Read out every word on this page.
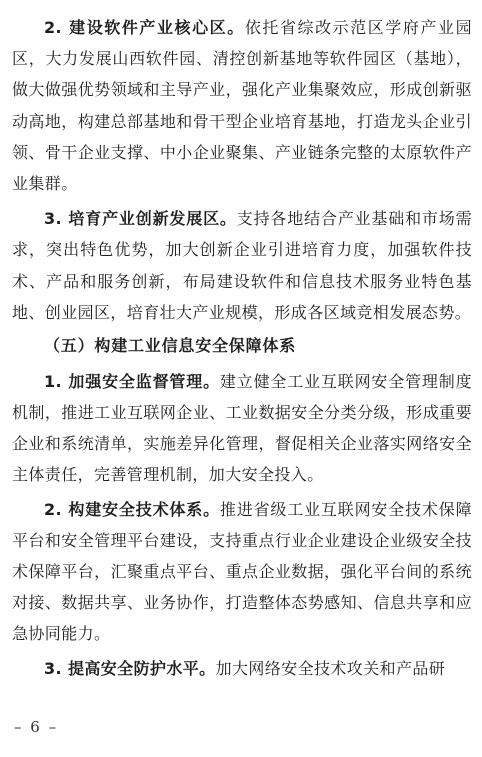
2. 建设软件产业核心区。依托省综改示范区学府产业园区，大力发展山西软件园、清控创新基地等软件园区（基地），做大做强优势领域和主导产业，强化产业集聚效应，形成创新驱动高地，构建总部基地和骨干型企业培育基地，打造龙头企业引领、骨干企业支撑、中小企业聚集、产业链条完整的太原软件产业集群。

3. 培育产业创新发展区。支持各地结合产业基础和市场需求，突出特色优势，加大创新企业引进培育力度，加强软件技术、产品和服务创新，布局建设软件和信息技术服务业特色基地、创业园区，培育壮大产业规模，形成各区域竞相发展态势。

（五）构建工业信息安全保障体系

1. 加强安全监督管理。建立健全工业互联网安全管理制度机制，推进工业互联网企业、工业数据安全分类分级，形成重要企业和系统清单，实施差异化管理，督促相关企业落实网络安全主体责任，完善管理机制，加大安全投入。

2. 构建安全技术体系。推进省级工业互联网安全技术保障平台和安全管理平台建设，支持重点行业企业建设企业级安全技术保障平台，汇聚重点平台、重点企业数据，强化平台间的系统对接、数据共享、业务协作，打造整体态势感知、信息共享和应急协同能力。

3. 提高安全防护水平。加大网络安全技术攻关和产品研

– 6 –
